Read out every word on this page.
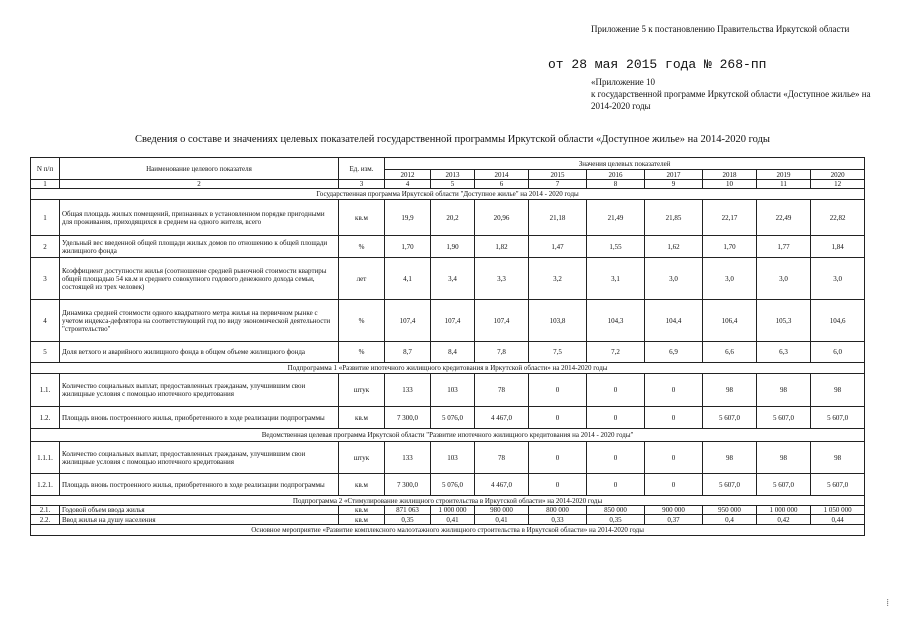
Приложение 5 к постановлению Правительства Иркутской области
от 28 мая 2015 года № 268-пп
«Приложение 10
к государственной программе Иркутской области «Доступное жилье» на 2014-2020 годы
Сведения о составе и значениях целевых показателей государственной программы Иркутской области «Доступное жилье» на 2014-2020 годы
N п/п	Наименование целевого показателя	Ед. изм.	Значения целевых показателей								
			2012	2013	2014	2015	2016	2017	2018	2019	2020
1	2	3	4	5	6	7	8	9	10	11	12
Государственная программа Иркутской области "Доступное жилье" на 2014 - 2020 годы											
1	Общая площадь жилых помещений, признанных в установленном порядке пригодными для проживания, приходящихся в среднем на одного жителя, всего	кв.м	19,9	20,2	20,96	21,18	21,49	21,85	22,17	22,49	22,82
2	Удельный вес введенной общей площади жилых домов по отношению к общей площади жилищного фонда	%	1,70	1,90	1,82	1,47	1,55	1,62	1,70	1,77	1,84
3	Коэффициент доступности жилья (соотношение средней рыночной стоимости квартиры общей площадью 54 кв.м и среднего совокупного годового денежного дохода семьи, состоящей из трех человек)	лет	4,1	3,4	3,3	3,2	3,1	3,0	3,0	3,0	3,0
4	Динамика средней стоимости одного квадратного метра жилья на первичном рынке с учетом индекса-дефлятора на соответствующий год по виду экономической деятельности "строительство"	%	107,4	107,4	107,4	103,8	104,3	104,4	106,4	105,3	104,6
5	Доля ветхого и аварийного жилищного фонда в общем объеме жилищного фонда	%	8,7	8,4	7,8	7,5	7,2	6,9	6,6	6,3	6,0
Подпрограмма 1 «Развитие ипотечного жилищного кредитования в Иркутской области» на 2014-2020 годы											
1.1.	Количество социальных выплат, предоставленных гражданам, улучшившим свои жилищные условия с помощью ипотечного кредитования	штук	133	103	78	0	0	0	98	98	98
1.2.	Площадь вновь построенного жилья, приобретенного в ходе реализации подпрограммы	кв.м	7 300,0	5 076,0	4 467,0	0	0	0	5 607,0	5 607,0	5 607,0
Ведомственная целевая программа Иркутской области "Развитие ипотечного жилищного кредитования на 2014 - 2020 годы"											
1.1.1.	Количество социальных выплат, предоставленных гражданам, улучшившим свои жилищные условия с помощью ипотечного кредитования	штук	133	103	78	0	0	0	98	98	98
1.2.1.	Площадь вновь построенного жилья, приобретенного в ходе реализации подпрограммы	кв.м	7 300,0	5 076,0	4 467,0	0	0	0	5 607,0	5 607,0	5 607,0
Подпрограмма 2 «Стимулирование жилищного строительства в Иркутской области» на 2014-2020 годы											
2.1.	Годовой объем ввода жилья	кв.м	871 063	1 000 000	980 000	800 000	850 000	900 000	950 000	1 000 000	1 050 000
2.2.	Ввод жилья на душу населения	кв.м	0,35	0,41	0,41	0,33	0,35	0,37	0,4	0,42	0,44
Основное мероприятие «Развитие комплексного малоэтажного жилищного строительства в Иркутской области» на 2014-2020 годы											
⁞
